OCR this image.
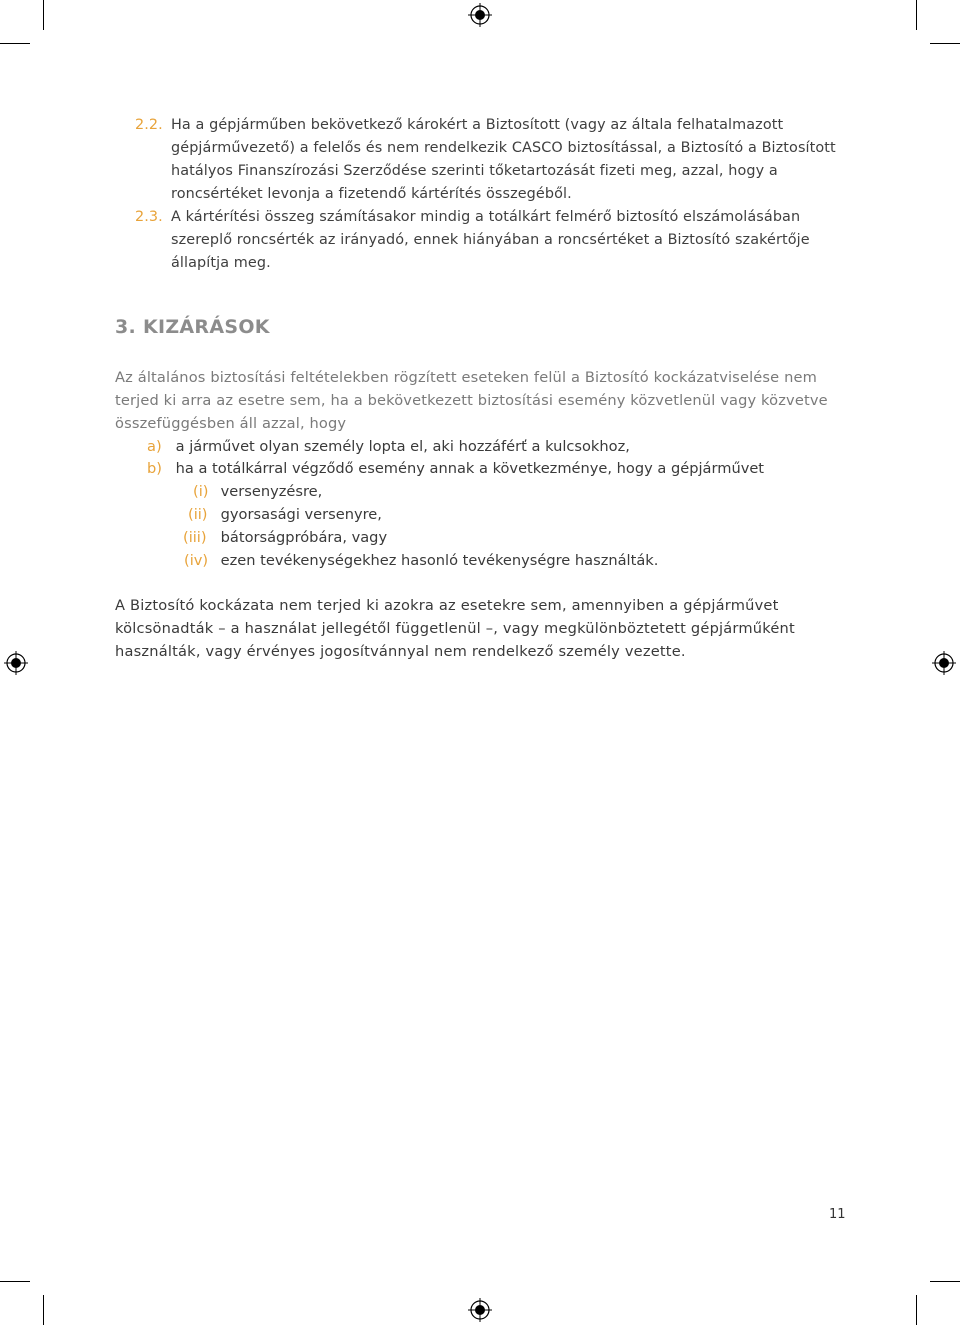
2.2. Ha a gépjárműben bekövetkező károkért a Biztosított (vagy az általa felhatalmazott gépjárművezető) a felelős és nem rendelkezik CASCO biztosítással, a Biztosító a Biztosított hatályos Finanszírozási Szerződése szerinti tőketartozását fizeti meg, azzal, hogy a roncsértéket levonja a fizetendő kártérítés összegéből.
2.3. A kártérítési összeg számításakor mindig a totálkárt felmérő biztosító elszámolásában szereplő roncsérték az irányadó, ennek hiányában a roncsértéket a Biztosító szakértője állapítja meg.
3. KIZÁRÁSOK
Az általános biztosítási feltételekben rögzített eseteken felül a Biztosító kockázatviselése nem terjed ki arra az esetre sem, ha a bekövetkezett biztosítási esemény közvetlenül vagy közvetve összefüggésben áll azzal, hogy
a) a járművet olyan személy lopta el, aki hozzáférť a kulcsokhoz,
b) ha a totálkárral végződő esemény annak a következménye, hogy a gépjárművet
(i) versenyzésre,
(ii) gyorsasági versenyre,
(iii) bátorságpróbára, vagy
(iv) ezen tevékenységekhez hasonló tevékenységre használták.
A Biztosító kockázata nem terjed ki azokra az esetekre sem, amennyiben a gépjárművet kölcsönadták – a használat jellegétől függetlenül –, vagy megkülönböztetett gépjárműként használták, vagy érvényes jogosítvánnyal nem rendelkező személy vezette.
11
